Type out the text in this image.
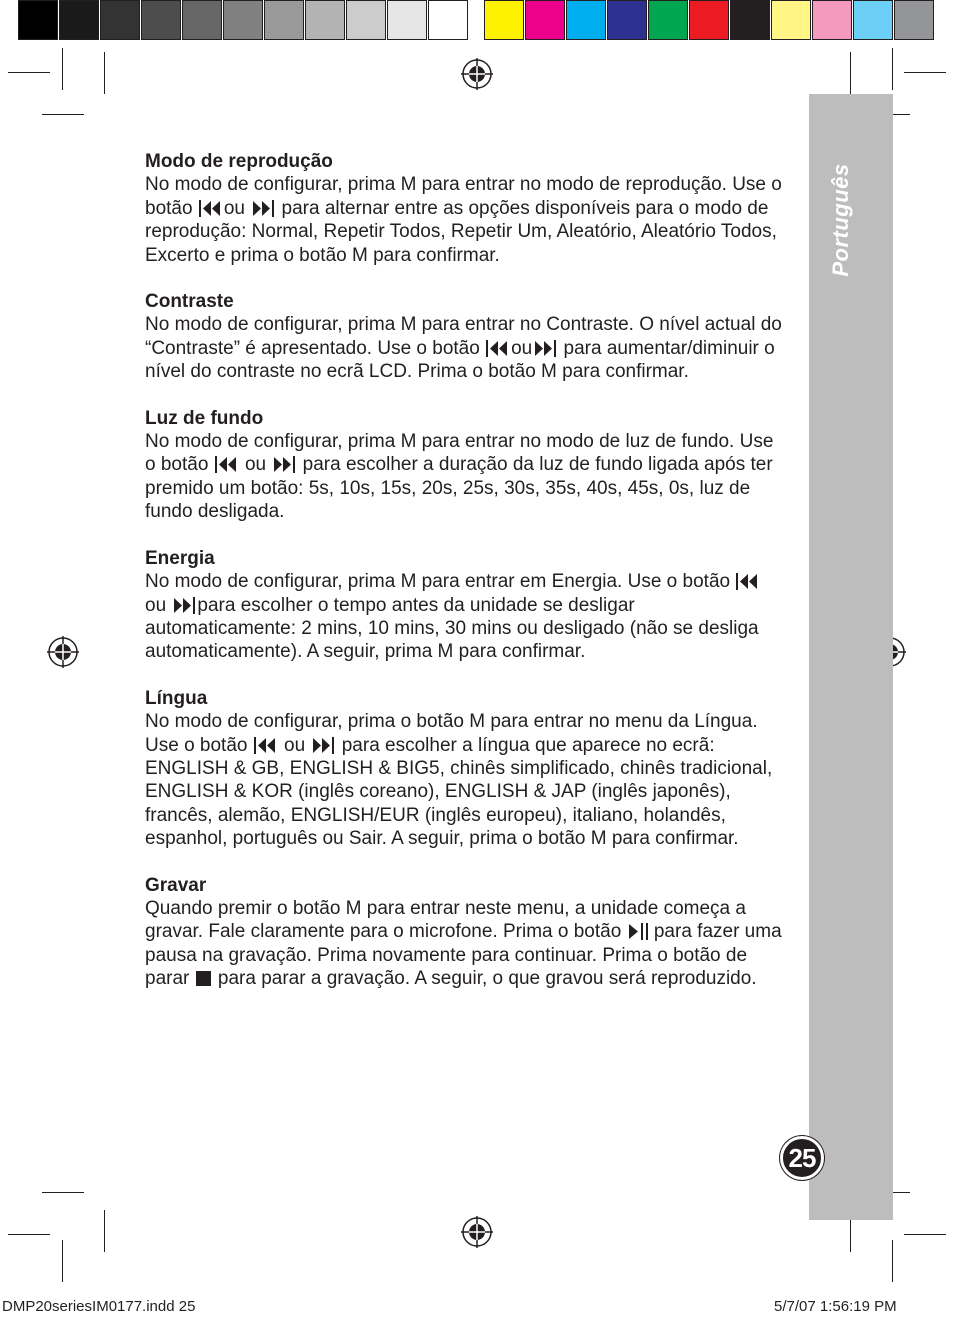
Português
25
Modo de reprodução

No modo de configurar, prima M para entrar no modo de reprodução. Use o botão
ou
para alternar entre as opções disponíveis para o modo de reprodução: Normal, Repetir Todos, Repetir Um, Aleatório, Aleatório Todos, Excerto e prima o botão M para confirmar.

Contraste

No modo de configurar, prima M para entrar no Contraste. O nível actual do “Contraste” é apresentado. Use o botão
ou
para aumentar/diminuir o nível do contraste no ecrã LCD. Prima o botão M para confirmar.

Luz de fundo

No modo de configurar, prima M para entrar no modo de luz de fundo. Use o botão
ou
para escolher a duração da luz de fundo ligada após ter premido um botão: 5s, 10s, 15s, 20s, 25s, 30s, 35s, 40s, 45s, 0s, luz de fundo desligada.

Energia

No modo de configurar, prima M para entrar em Energia. Use o botão
ou
para escolher o tempo antes da unidade se desligar automaticamente: 2 mins, 10 mins, 30 mins ou desligado (não se desliga automaticamente). A seguir, prima M para confirmar.

Língua

No modo de configurar, prima o botão M para entrar no menu da Língua. Use o botão
ou
para escolher a língua que aparece no ecrã: ENGLISH & GB, ENGLISH & BIG5, chinês simplificado, chinês tradicional, ENGLISH & KOR (inglês coreano), ENGLISH & JAP (inglês japonês), francês, alemão, ENGLISH/EUR (inglês europeu), italiano, holandês, espanhol, português ou Sair. A seguir, prima o botão M para confirmar.

Gravar

Quando premir o botão M para entrar neste menu, a unidade começa a gravar. Fale claramente para o microfone. Prima o botão
para fazer uma pausa na gravação. Prima novamente para continuar. Prima o botão de parar
para parar a gravação. A seguir, o que gravou será reproduzido.

DMP20seriesIM0177.indd 25	5/7/07 1:56:19 PM
